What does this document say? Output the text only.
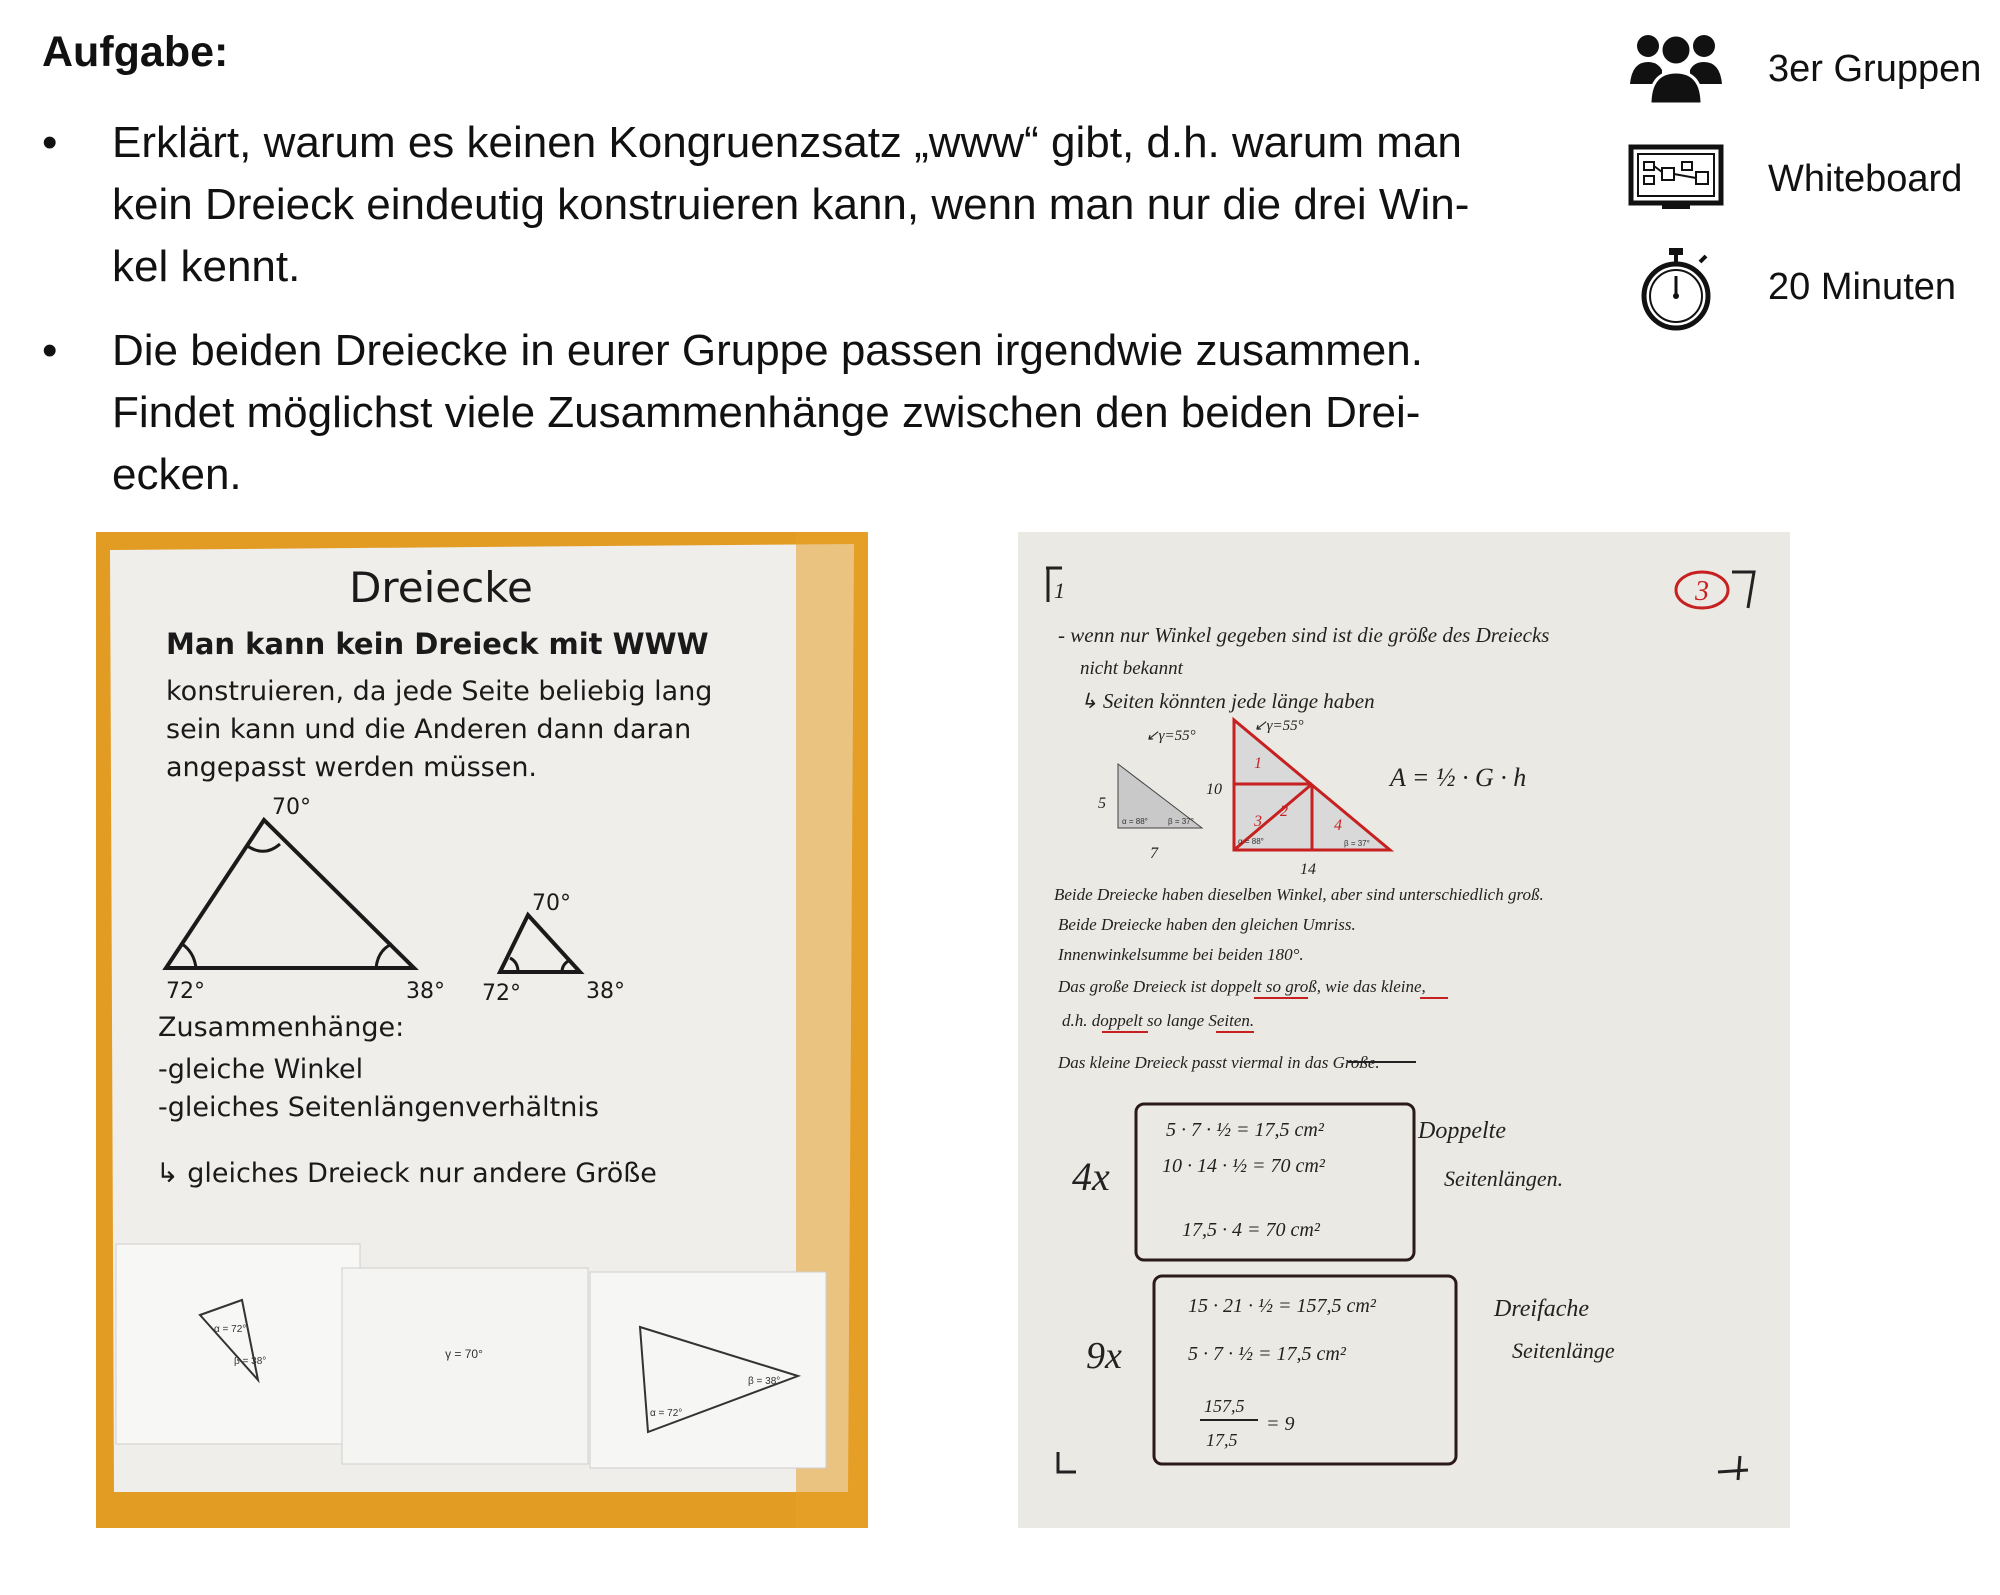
Aufgabe:
• Erklärt, warum es keinen Kongruenzsatz „www“ gibt, d.h. warum man
kein Dreieck eindeutig konstruieren kann, wenn man nur die drei Win-
kel kennt.
• Die beiden Dreiecke in eurer Gruppe passen irgendwie zusammen.
Findet möglichst viele Zusammenhänge zwischen den beiden Drei-
ecken.
3er Gruppen
Whiteboard
20 Minuten
Dreiecke
Man kann kein Dreieck mit WWW
konstruieren, da jede Seite beliebig lang
sein kann und die Anderen dann daran
angepasst werden müssen.
70°
72°	38°
70°
72°	38°
Zusammenhänge:
-gleiche Winkel
-gleiches Seitenlängenverhältnis
↳ gleiches Dreieck nur andere Größe
α = 72°
β = 38°
γ = 70°
α = 72°
β = 38°
1	3
- wenn nur Winkel gegeben sind ist die größe des Dreiecks
nicht bekannt
↳ Seiten könnten jede länge haben
↙γ=55°
5
7
α = 88°	β = 37°
↙γ=55°
1
2
3	4
10
14
α = 88°	β = 37°
A = ½ · G · h
Beide Dreiecke haben dieselben Winkel, aber sind unterschiedlich groß.
Beide Dreiecke haben den gleichen Umriss.
Innenwinkelsumme bei beiden 180°.
Das große Dreieck ist doppelt so groß, wie das kleine,
d.h. doppelt so lange Seiten.
Das kleine Dreieck passt viermal in das Große.
4x
5 · 7 · ½ = 17,5 cm²
10 · 14 · ½ = 70 cm²
17,5 · 4 = 70 cm²
Doppelte
Seitenlängen.
9x
15 · 21 · ½ = 157,5 cm²
5 · 7 · ½ = 17,5 cm²
157,5
17,5
= 9
Dreifache
Seitenlänge
